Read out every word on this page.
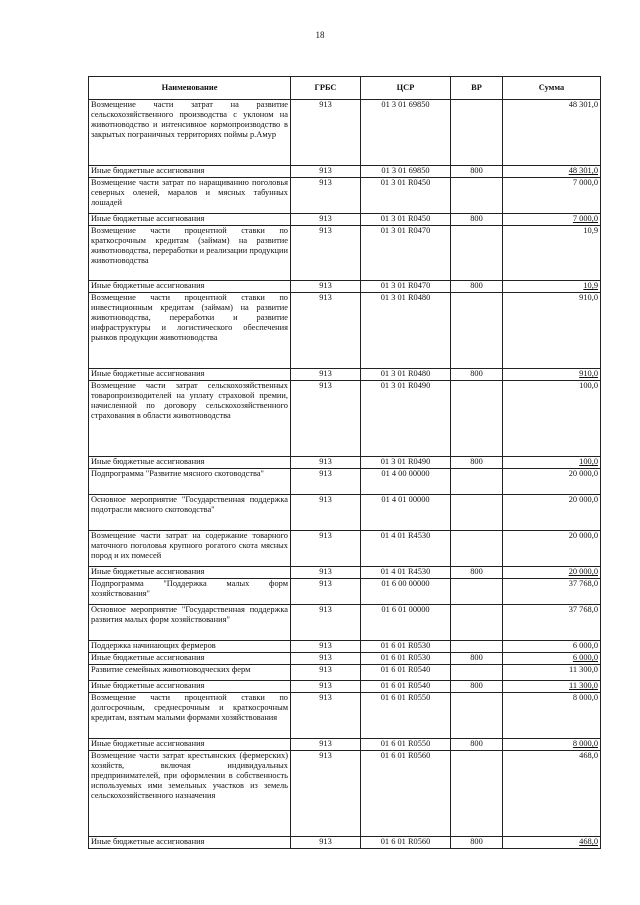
18
Наименование	ГРБС	ЦСР	ВР	Сумма
Возмещение части затрат на развитие сельскохозяйственного производства с уклоном на животноводство и интенсивное кормопроизводство в закрытых пограничных территориях поймы р.Амур	913	01 3 01 69850		48 301,0
Иные бюджетные ассигнования	913	01 3 01 69850	800	48 301,0
Возмещение части затрат по наращиванию поголовья северных оленей, маралов и мясных табунных лошадей	913	01 3 01 R0450		7 000,0
Иные бюджетные ассигнования	913	01 3 01 R0450	800	7 000,0
Возмещение части процентной ставки по краткосрочным кредитам (займам) на развитие животноводства, переработки и реализации продукции животноводства	913	01 3 01 R0470		10,9
Иные бюджетные ассигнования	913	01 3 01 R0470	800	10,9
Возмещение части процентной ставки по инвестиционным кредитам (займам) на развитие животноводства, переработки и развитие инфраструктуры и логистического обеспечения рынков продукции животноводства	913	01 3 01 R0480		910,0
Иные бюджетные ассигнования	913	01 3 01 R0480	800	910,0
Возмещение части затрат сельскохозяйственных товаропроизводителей на уплату страховой премии, начисленной по договору сельскохозяйственного страхования в области животноводства	913	01 3 01 R0490		100,0
Иные бюджетные ассигнования	913	01 3 01 R0490	800	100,0
Подпрограмма "Развитие мясного скотоводства"	913	01 4 00 00000		20 000,0
Основное мероприятие "Государственная поддержка подотрасли мясного скотоводства"	913	01 4 01 00000		20 000,0
Возмещение части затрат на содержание товарного маточного поголовья крупного рогатого скота мясных пород и их помесей	913	01 4 01 R4530		20 000,0
Иные бюджетные ассигнования	913	01 4 01 R4530	800	20 000,0
Подпрограмма "Поддержка малых форм хозяйствования"	913	01 6 00 00000		37 768,0
Основное мероприятие "Государственная поддержка развития малых форм хозяйствования"	913	01 6 01 00000		37 768,0
Поддержка начинающих фермеров	913	01 6 01 R0530		6 000,0
Иные бюджетные ассигнования	913	01 6 01 R0530	800	6 000,0
Развитие семейных животноводческих ферм	913	01 6 01 R0540		11 300,0
Иные бюджетные ассигнования	913	01 6 01 R0540	800	11 300,0
Возмещение части процентной ставки по долгосрочным, среднесрочным и краткосрочным кредитам, взятым малыми формами хозяйствования	913	01 6 01 R0550		8 000,0
Иные бюджетные ассигнования	913	01 6 01 R0550	800	8 000,0
Возмещение части затрат крестьянских (фермерских) хозяйств, включая индивидуальных предпринимателей, при оформлении в собственность используемых ими земельных участков из земель сельскохозяйственного назначения	913	01 6 01 R0560		468,0
Иные бюджетные ассигнования	913	01 6 01 R0560	800	468,0
